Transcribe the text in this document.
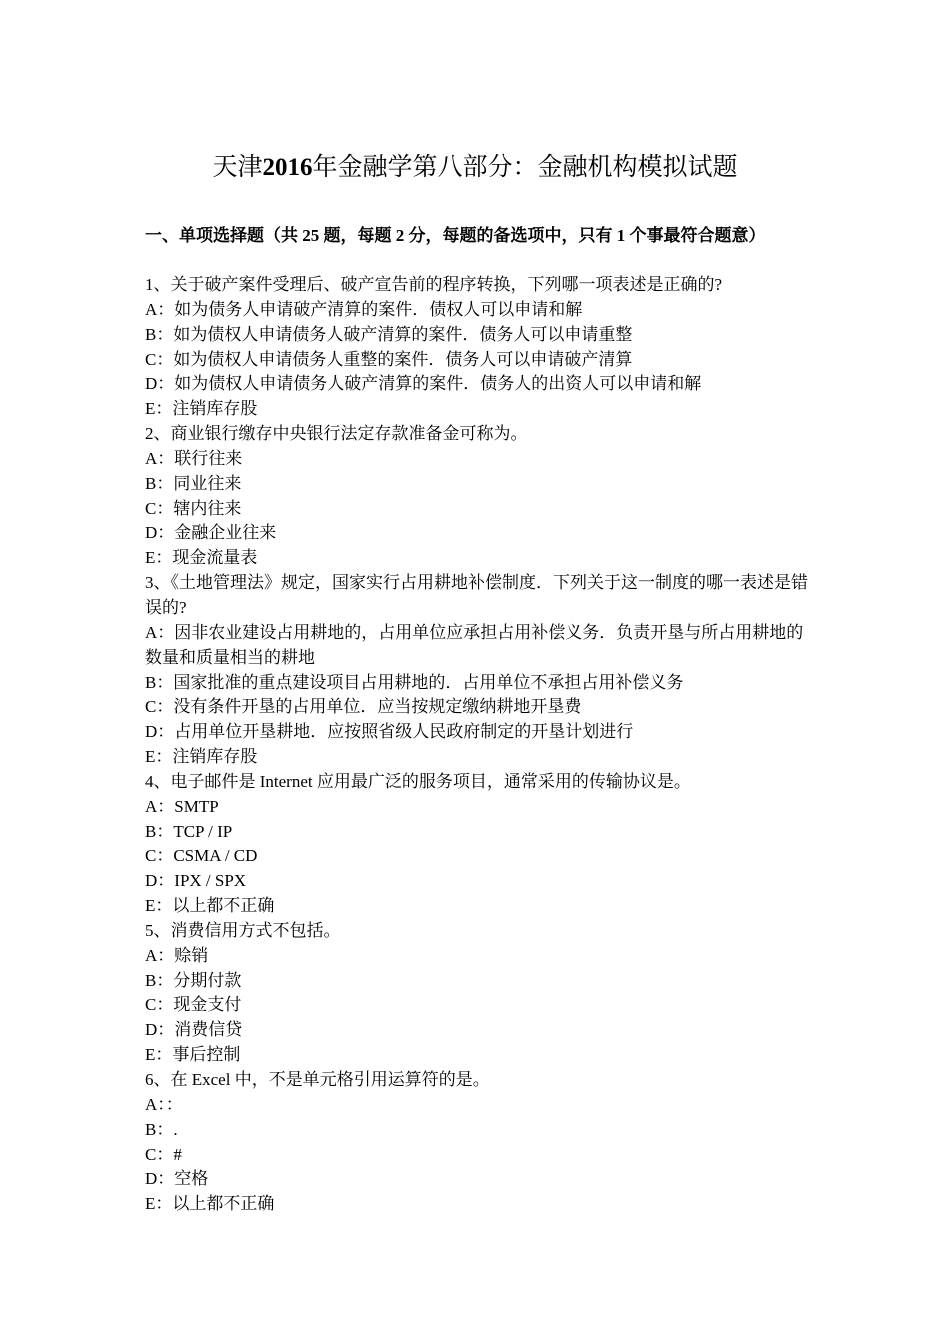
天津2016年金融学第八部分：金融机构模拟试题
一、单项选择题（共 25 题，每题 2 分，每题的备选项中，只有 1 个事最符合题意）

1、关于破产案件受理后、破产宣告前的程序转换，下列哪一项表述是正确的?

A：如为债务人申请破产清算的案件．债权人可以申请和解

B：如为债权人申请债务人破产清算的案件．债务人可以申请重整

C：如为债权人申请债务人重整的案件．债务人可以申请破产清算

D：如为债权人申请债务人破产清算的案件．债务人的出资人可以申请和解

E：注销库存股

2、商业银行缴存中央银行法定存款准备金可称为。

A：联行往来

B：同业往来

C：辖内往来

D：金融企业往来

E：现金流量表

3、《土地管理法》规定，国家实行占用耕地补偿制度．下列关于这一制度的哪一表述是错误的?

A：因非农业建设占用耕地的，占用单位应承担占用补偿义务．负责开垦与所占用耕地的数量和质量相当的耕地

B：国家批准的重点建设项目占用耕地的．占用单位不承担占用补偿义务

C：没有条件开垦的占用单位．应当按规定缴纳耕地开垦费

D：占用单位开垦耕地．应按照省级人民政府制定的开垦计划进行

E：注销库存股

4、电子邮件是 Internet 应用最广泛的服务项目，通常采用的传输协议是。

A：SMTP

B：TCP / IP

C：CSMA / CD

D：IPX / SPX

E：以上都不正确

5、消费信用方式不包括。

A：赊销

B：分期付款

C：现金支付

D：消费信贷

E：事后控制

6、在 Excel 中，不是单元格引用运算符的是。

A：：

B：.

C：#

D：空格

E：以上都不正确
